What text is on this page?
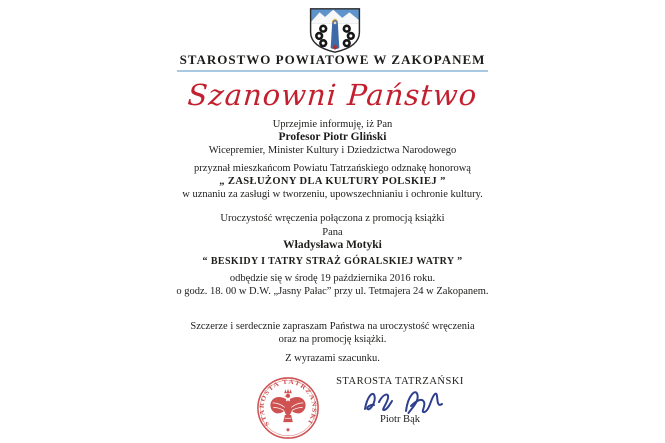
STAROSTWO POWIATOWE W ZAKOPANEM
Szanowni Państwo
Uprzejmie informuję, iż Pan
Profesor Piotr Gliński
Wicepremier, Minister Kultury i Dziedzictwa Narodowego
przyznał mieszkańcom Powiatu Tatrzańskiego odznakę honorową
„ ZASŁUŻONY DLA KULTURY POLSKIEJ ”
w uznaniu za zasługi w tworzeniu, upowszechnianiu i ochronie kultury.
Uroczystość wręczenia połączona z promocją książki
Pana
Władysława Motyki
“ BESKIDY I TATRY STRAŻ GÓRALSKIEJ WATRY ”
odbędzie się w środę 19 października 2016 roku.
o godz. 18. 00 w D.W. „Jasny Pałac” przy ul. Tetmajera 24 w Zakopanem.
Szczerze i serdecznie zapraszam Państwa na uroczystość wręczenia
oraz na promocję książki.
Z wyrazami szacunku.
STAROSTA TATRZAŃSKI
STAROSTA TATRZAŃSKI
Piotr Bąk
